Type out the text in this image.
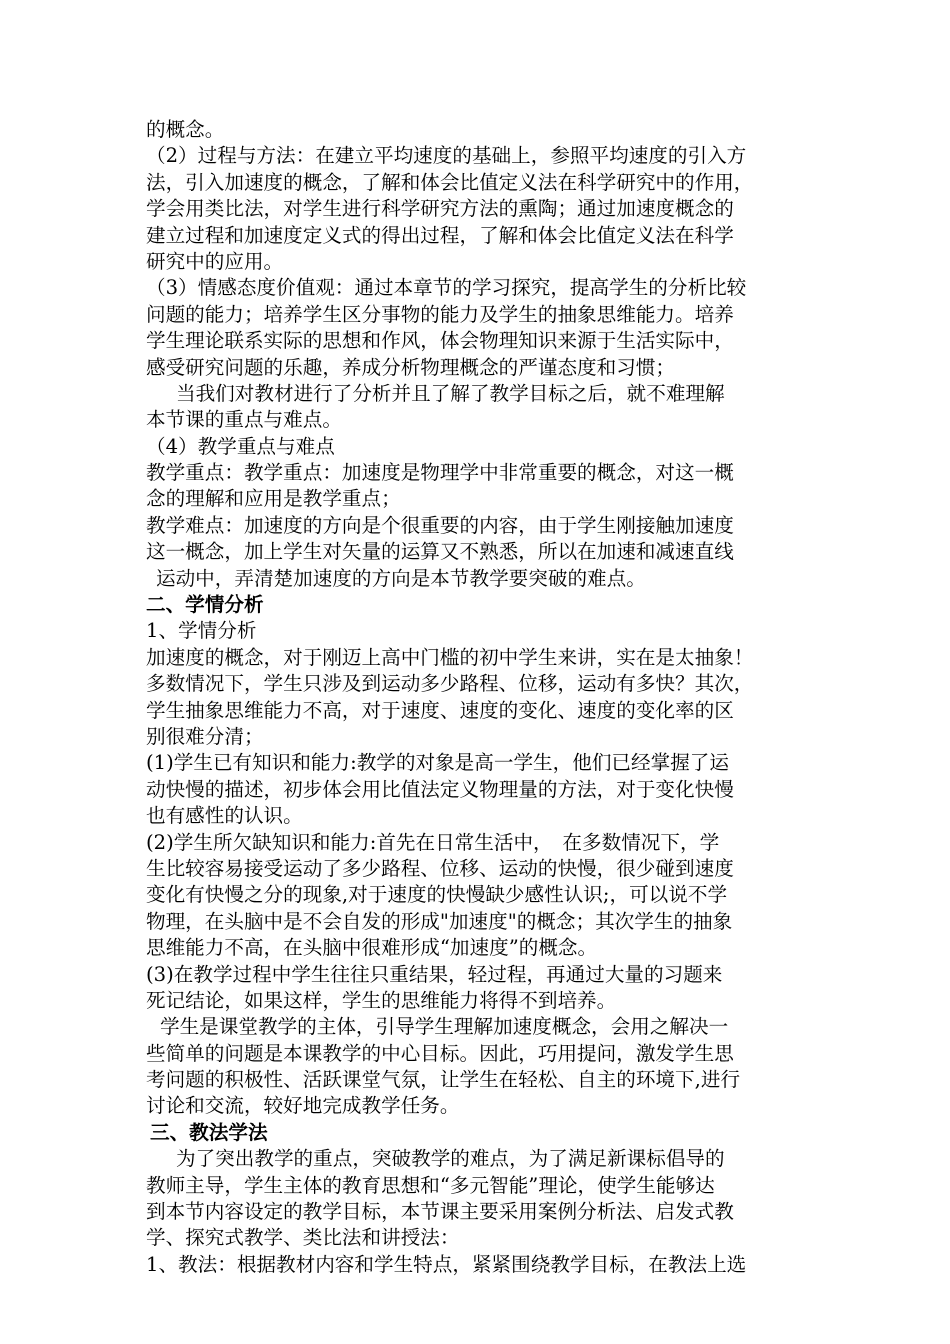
的概念。
（2）过程与方法：在建立平均速度的基础上，参照平均速度的引入方
法，引入加速度的概念，了解和体会比值定义法在科学研究中的作用，
学会用类比法，对学生进行科学研究方法的熏陶；通过加速度概念的
建立过程和加速度定义式的得出过程，了解和体会比值定义法在科学
研究中的应用。
（3）情感态度价值观：通过本章节的学习探究，提高学生的分析比较
问题的能力；培养学生区分事物的能力及学生的抽象思维能力。培养
学生理论联系实际的思想和作风，体会物理知识来源于生活实际中，
感受研究问题的乐趣，养成分析物理概念的严谨态度和习惯；
当我们对教材进行了分析并且了解了教学目标之后，就不难理解
本节课的重点与难点。
（4）教学重点与难点
教学重点：教学重点：加速度是物理学中非常重要的概念，对这一概
念的理解和应用是教学重点；
教学难点：加速度的方向是个很重要的内容，由于学生刚接触加速度
这一概念，加上学生对矢量的运算又不熟悉，所以在加速和减速直线
运动中，弄清楚加速度的方向是本节教学要突破的难点。
二、学情分析
1、学情分析
加速度的概念，对于刚迈上高中门槛的初中学生来讲，实在是太抽象！
多数情况下，学生只涉及到运动多少路程、位移，运动有多快？其次，
学生抽象思维能力不高，对于速度、速度的变化、速度的变化率的区
别很难分清；
(1)学生已有知识和能力:教学的对象是高一学生，他们已经掌握了运
动快慢的描述，初步体会用比值法定义物理量的方法，对于变化快慢
也有感性的认识。
(2)学生所欠缺知识和能力:首先在日常生活中，　在多数情况下，学
生比较容易接受运动了多少路程、位移、运动的快慢，很少碰到速度
变化有快慢之分的现象,对于速度的快慢缺少感性认识;，可以说不学
物理，在头脑中是不会自发的形成"加速度"的概念；其次学生的抽象
思维能力不高，在头脑中很难形成“加速度”的概念。
(3)在教学过程中学生往往只重结果，轻过程，再通过大量的习题来
死记结论，如果这样，学生的思维能力将得不到培养。
学生是课堂教学的主体，引导学生理解加速度概念，会用之解决一
些简单的问题是本课教学的中心目标。因此，巧用提问，激发学生思
考问题的积极性、活跃课堂气氛，让学生在轻松、自主的环境下,进行
讨论和交流，较好地完成教学任务。
三、教法学法
为了突出教学的重点，突破教学的难点，为了满足新课标倡导的
教师主导，学生主体的教育思想和“多元智能”理论，使学生能够达
到本节内容设定的教学目标，本节课主要采用案例分析法、启发式教
学、探究式教学、类比法和讲授法：
1、教法：根据教材内容和学生特点，紧紧围绕教学目标，在教法上选
